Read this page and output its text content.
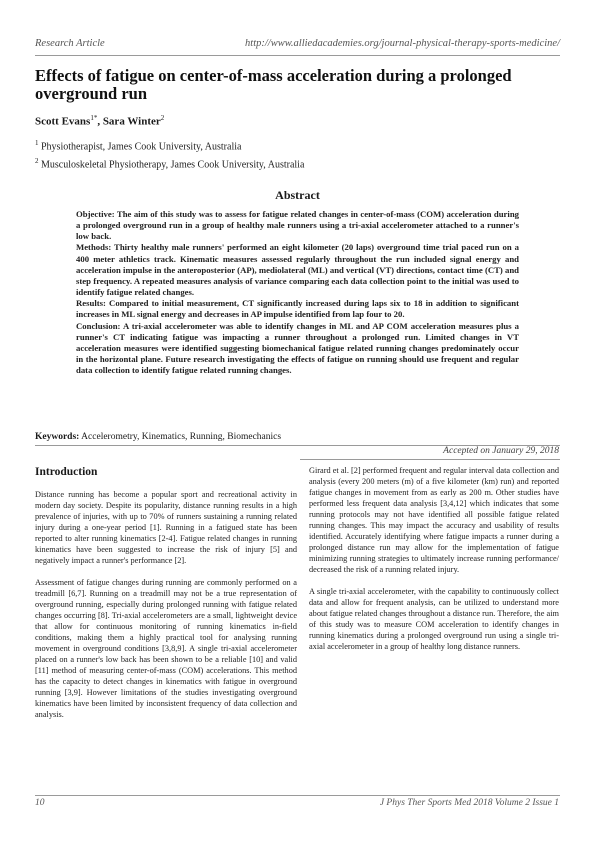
Research Article	http://www.alliedacademies.org/journal-physical-therapy-sports-medicine/
Effects of fatigue on center-of-mass acceleration during a prolonged overground run
Scott Evans$^{1*}$, Sara Winter$^2$
$^1$ Physiotherapist, James Cook University, Australia
$^2$ Musculoskeletal Physiotherapy, James Cook University, Australia
Abstract

Objective: The aim of this study was to assess for fatigue related changes in center-of-mass (COM) acceleration during a prolonged overground run in a group of healthy male runners using a tri-axial accelerometer attached to a runner's low back.

Methods: Thirty healthy male runners' performed an eight kilometer (20 laps) overground time trial paced run on a 400 meter athletics track. Kinematic measures assessed regularly throughout the run included signal energy and acceleration impulse in the anteroposterior (AP), mediolateral (ML) and vertical (VT) directions, contact time (CT) and step frequency. A repeated measures analysis of variance comparing each data collection point to the initial was used to identify fatigue related changes.

Results: Compared to initial measurement, CT significantly increased during laps six to 18 in addition to significant increases in ML signal energy and decreases in AP impulse identified from lap four to 20.

Conclusion: A tri-axial accelerometer was able to identify changes in ML and AP COM acceleration measures plus a runner's CT indicating fatigue was impacting a runner throughout a prolonged run. Limited changes in VT acceleration measures were identified suggesting biomechanical fatigue related running changes predominately occur in the horizontal plane. Future research investigating the effects of fatigue on running should use frequent and regular data collection to identify fatigue related running changes.

Keywords: Accelerometry, Kinematics, Running, Biomechanics
Accepted on January 29, 2018
Introduction

Distance running has become a popular sport and recreational activity in modern day society. Despite its popularity, distance running results in a high prevalence of injuries, with up to 70% of runners sustaining a running related injury during a one-year period [1]. Running in a fatigued state has been reported to alter running kinematics [2-4]. Fatigue related changes in running kinematics have been suggested to increase the risk of injury [5] and negatively impact a runner's performance [2].

Assessment of fatigue changes during running are commonly performed on a treadmill [6,7]. Running on a treadmill may not be a true representation of overground running, especially during prolonged running with fatigue related changes occurring [8]. Tri-axial accelerometers are a small, lightweight device that allow for continuous monitoring of running kinematics in-field conditions, making them a highly practical tool for analysing running movement in overground conditions [3,8,9]. A single tri-axial accelerometer placed on a runner's low back has been shown to be a reliable [10] and valid [11] method of measuring center-of-mass (COM) accelerations. This method has the capacity to detect changes in kinematics with fatigue in overground running [3,9]. However limitations of the studies investigating overground kinematics have been limited by inconsistent frequency of data collection and analysis.

Girard et al. [2] performed frequent and regular interval data collection and analysis (every 200 meters (m) of a five kilometer (km) run) and reported fatigue changes in movement from as early as 200 m. Other studies have performed less frequent data analysis [3,4,12] which indicates that some running protocols may not have identified all possible fatigue related running changes. This may impact the accuracy and usability of results identified. Accurately identifying where fatigue impacts a runner during a prolonged distance run may allow for the implementation of fatigue minimizing running strategies to ultimately increase running performance/ decreased the risk of a running related injury.

A single tri-axial accelerometer, with the capability to continuously collect data and allow for frequent analysis, can be utilized to understand more about fatigue related changes throughout a distance run. Therefore, the aim of this study was to measure COM acceleration to identify changes in running kinematics during a prolonged overground run using a single tri-axial accelerometer in a group of healthy long distance runners.

10	J Phys Ther Sports Med 2018 Volume 2 Issue 1
